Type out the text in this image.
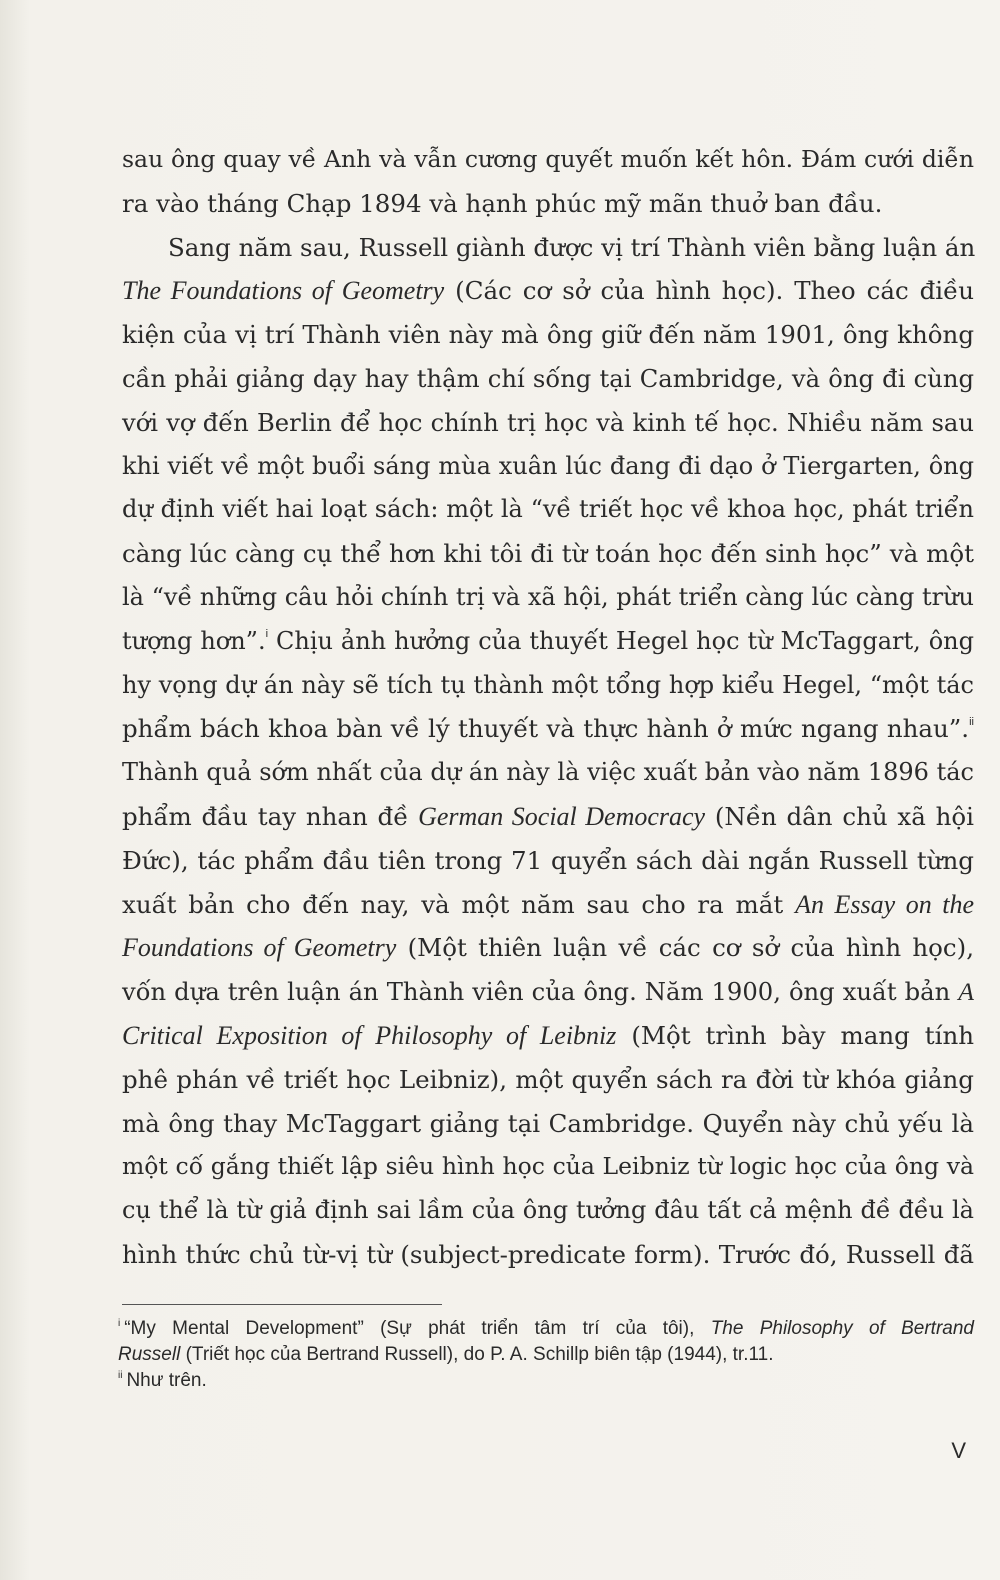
sau ông quay về Anh và vẫn cương quyết muốn kết hôn. Đám cưới diễn
ra vào tháng Chạp 1894 và hạnh phúc mỹ mãn thuở ban đầu.
Sang năm sau, Russell giành được vị trí Thành viên bằng luận án
The Foundations of Geometry (Các cơ sở của hình học). Theo các điều
kiện của vị trí Thành viên này mà ông giữ đến năm 1901, ông không
cần phải giảng dạy hay thậm chí sống tại Cambridge, và ông đi cùng
với vợ đến Berlin để học chính trị học và kinh tế học. Nhiều năm sau
khi viết về một buổi sáng mùa xuân lúc đang đi dạo ở Tiergarten, ông
dự định viết hai loạt sách: một là “về triết học về khoa học, phát triển
càng lúc càng cụ thể hơn khi tôi đi từ toán học đến sinh học” và một
là “về những câu hỏi chính trị và xã hội, phát triển càng lúc càng trừu
tượng hơn”.$^i$ Chịu ảnh hưởng của thuyết Hegel học từ McTaggart, ông
hy vọng dự án này sẽ tích tụ thành một tổng hợp kiểu Hegel, “một tác
phẩm bách khoa bàn về lý thuyết và thực hành ở mức ngang nhau”.$^{ii}$
Thành quả sớm nhất của dự án này là việc xuất bản vào năm 1896 tác
phẩm đầu tay nhan đề German Social Democracy (Nền dân chủ xã hội
Đức), tác phẩm đầu tiên trong 71 quyển sách dài ngắn Russell từng
xuất bản cho đến nay, và một năm sau cho ra mắt An Essay on the
Foundations of Geometry (Một thiên luận về các cơ sở của hình học),
vốn dựa trên luận án Thành viên của ông. Năm 1900, ông xuất bản A
Critical Exposition of Philosophy of Leibniz (Một trình bày mang tính
phê phán về triết học Leibniz), một quyển sách ra đời từ khóa giảng
mà ông thay McTaggart giảng tại Cambridge. Quyển này chủ yếu là
một cố gắng thiết lập siêu hình học của Leibniz từ logic học của ông và
cụ thể là từ giả định sai lầm của ông tưởng đâu tất cả mệnh đề đều là
hình thức chủ từ-vị từ (subject-predicate form). Trước đó, Russell đã
$^i$ “My Mental Development” (Sự phát triển tâm trí của tôi), The Philosophy of Bertrand
Russell (Triết học của Bertrand Russell), do P. A. Schillp biên tập (1944), tr.11.
$^{ii}$ Như trên.
V
